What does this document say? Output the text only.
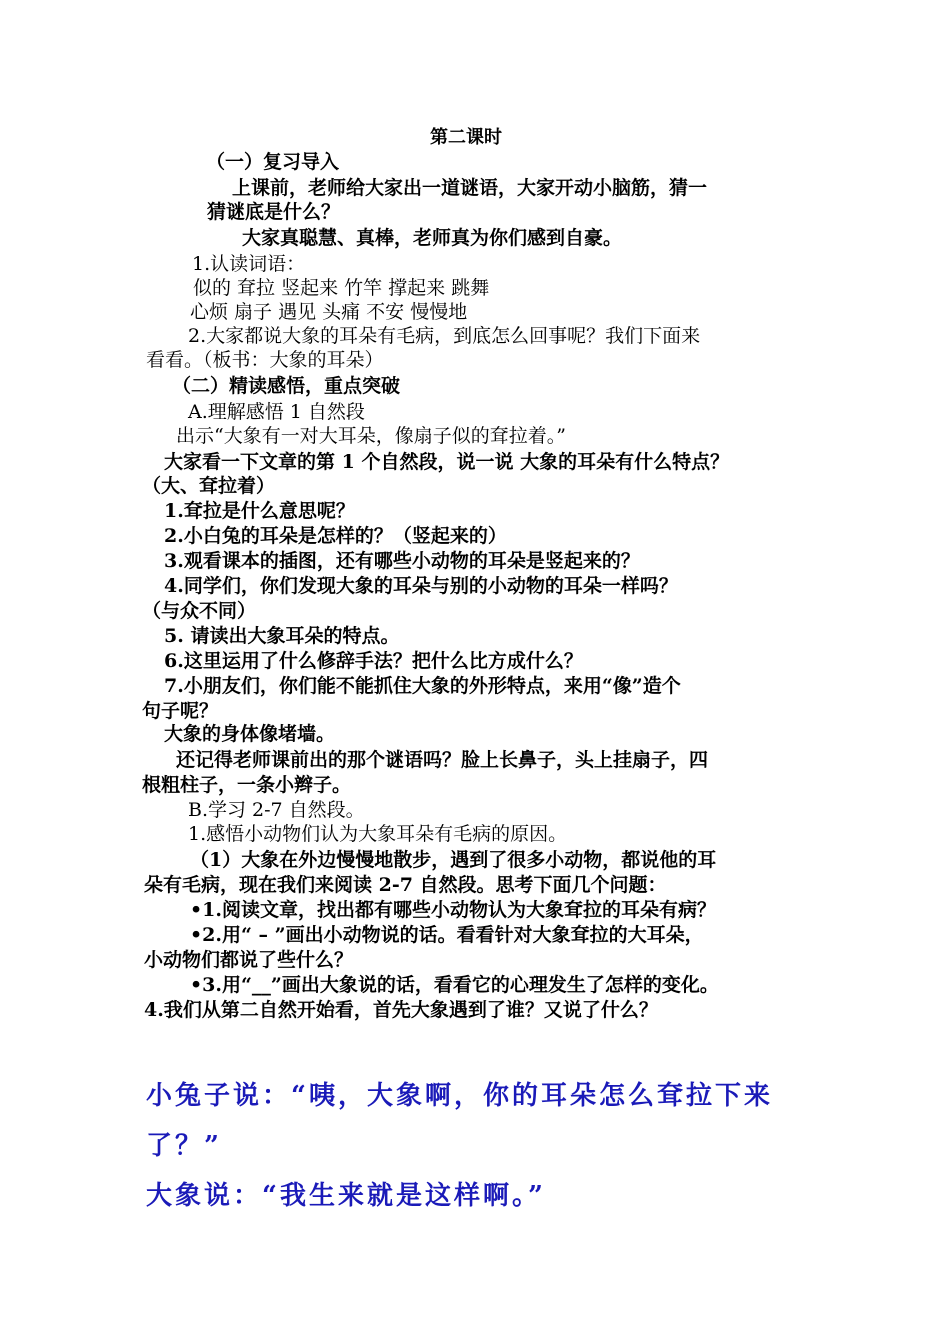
第二课时
（一）复习导入
上课前，老师给大家出一道谜语，大家开动小脑筋，猜一
猜谜底是什么？
大家真聪慧、真棒，老师真为你们感到自豪。
1.认读词语：
似的 耷拉 竖起来 竹竿 撑起来 跳舞
心烦 扇子 遇见 头痛 不安 慢慢地
2.大家都说大象的耳朵有毛病，到底怎么回事呢？我们下面来
看看。（板书：大象的耳朵）
（二）精读感悟，重点突破
A.理解感悟 1 自然段
出示“大象有一对大耳朵，像扇子似的耷拉着。”
大家看一下文章的第 1 个自然段，说一说 大象的耳朵有什么特点？
（大、耷拉着）
1.耷拉是什么意思呢？
2.小白兔的耳朵是怎样的？（竖起来的）
3.观看课本的插图，还有哪些小动物的耳朵是竖起来的？
4.同学们，你们发现大象的耳朵与别的小动物的耳朵一样吗？
（与众不同）
5. 请读出大象耳朵的特点。
6.这里运用了什么修辞手法？把什么比方成什么？
7.小朋友们，你们能不能抓住大象的外形特点，来用“像”造个
句子呢？
大象的身体像堵墙。
还记得老师课前出的那个谜语吗？脸上长鼻子，头上挂扇子，四
根粗柱子，一条小辫子。
B.学习 2-7 自然段。
1.感悟小动物们认为大象耳朵有毛病的原因。
（1）大象在外边慢慢地散步，遇到了很多小动物，都说他的耳
朵有毛病，现在我们来阅读 2-7 自然段。思考下面几个问题：
•1.阅读文章，找出都有哪些小动物认为大象耷拉的耳朵有病？
•2.用“ – ”画出小动物说的话。看看针对大象耷拉的大耳朵，
小动物们都说了些什么？
•3.用“__”画出大象说的话，看看它的心理发生了怎样的变化。
4.我们从第二自然开始看，首先大象遇到了谁？又说了什么？
小兔子说：“咦，大象啊，你的耳朵怎么耷拉下来
了？”
大象说：“我生来就是这样啊。”
